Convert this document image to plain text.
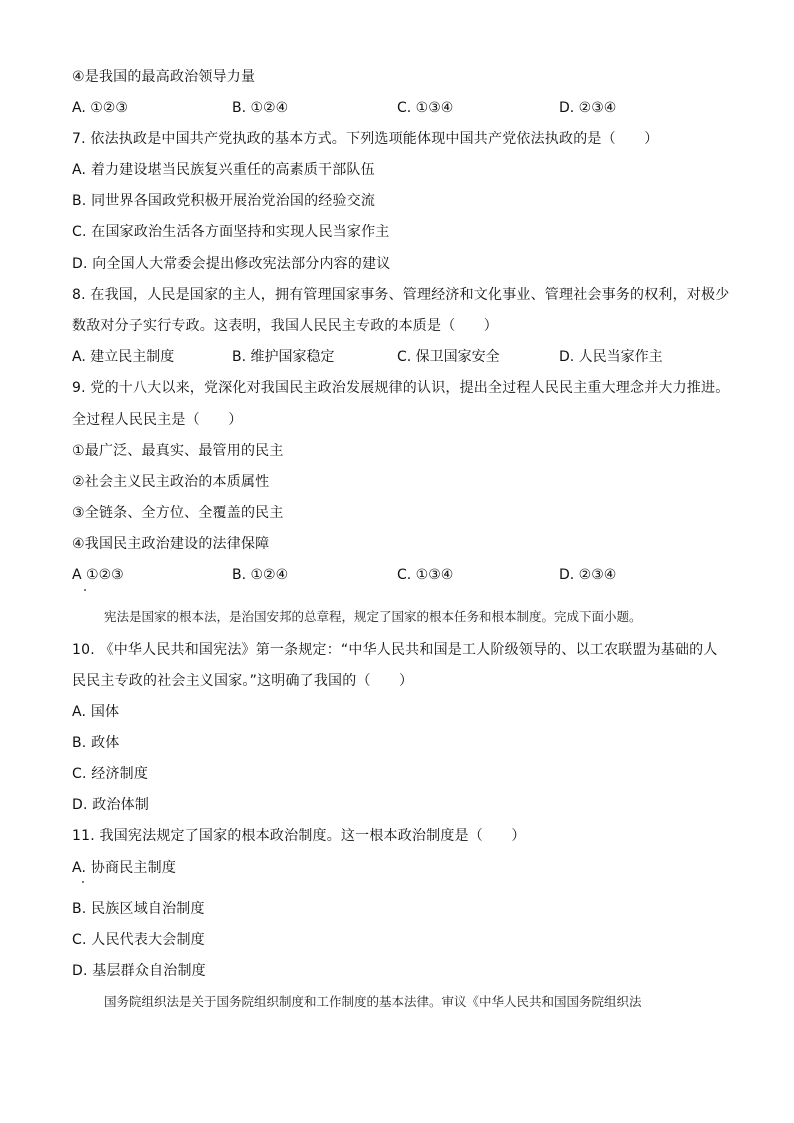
④是我国的最高政治领导力量
A. ①②③	B. ①②④	C. ①③④	D. ②③④
7. 依法执政是中国共产党执政的基本方式。下列选项能体现中国共产党依法执政的是（　　）
A. 着力建设堪当民族复兴重任的高素质干部队伍
B. 同世界各国政党积极开展治党治国的经验交流
C. 在国家政治生活各方面坚持和实现人民当家作主
D. 向全国人大常委会提出修改宪法部分内容的建议
8. 在我国，人民是国家的主人，拥有管理国家事务、管理经济和文化事业、管理社会事务的权利，对极少
数敌对分子实行专政。这表明，我国人民民主专政的本质是（　　）
A. 建立民主制度	B. 维护国家稳定	C. 保卫国家安全	D. 人民当家作主
9. 党的十八大以来，党深化对我国民主政治发展规律的认识，提出全过程人民民主重大理念并大力推进。
全过程人民民主是（　　）
①最广泛、最真实、最管用的民主
②社会主义民主政治的本质属性
③全链条、全方位、全覆盖的民主
④我国民主政治建设的法律保障
A ①②③	B. ①②④	C. ①③④	D. ②③④
宪法是国家的根本法，是治国安邦的总章程，规定了国家的根本任务和根本制度。完成下面小题。
10. 《中华人民共和国宪法》第一条规定：“中华人民共和国是工人阶级领导的、以工农联盟为基础的人
民民主专政的社会主义国家。”这明确了我国的（　　）
A. 国体
B. 政体
C. 经济制度
D. 政治体制
11. 我国宪法规定了国家的根本政治制度。这一根本政治制度是（　　）
A. 协商民主制度
B. 民族区域自治制度
C. 人民代表大会制度
D. 基层群众自治制度
国务院组织法是关于国务院组织制度和工作制度的基本法律。审议《中华人民共和国国务院组织法
